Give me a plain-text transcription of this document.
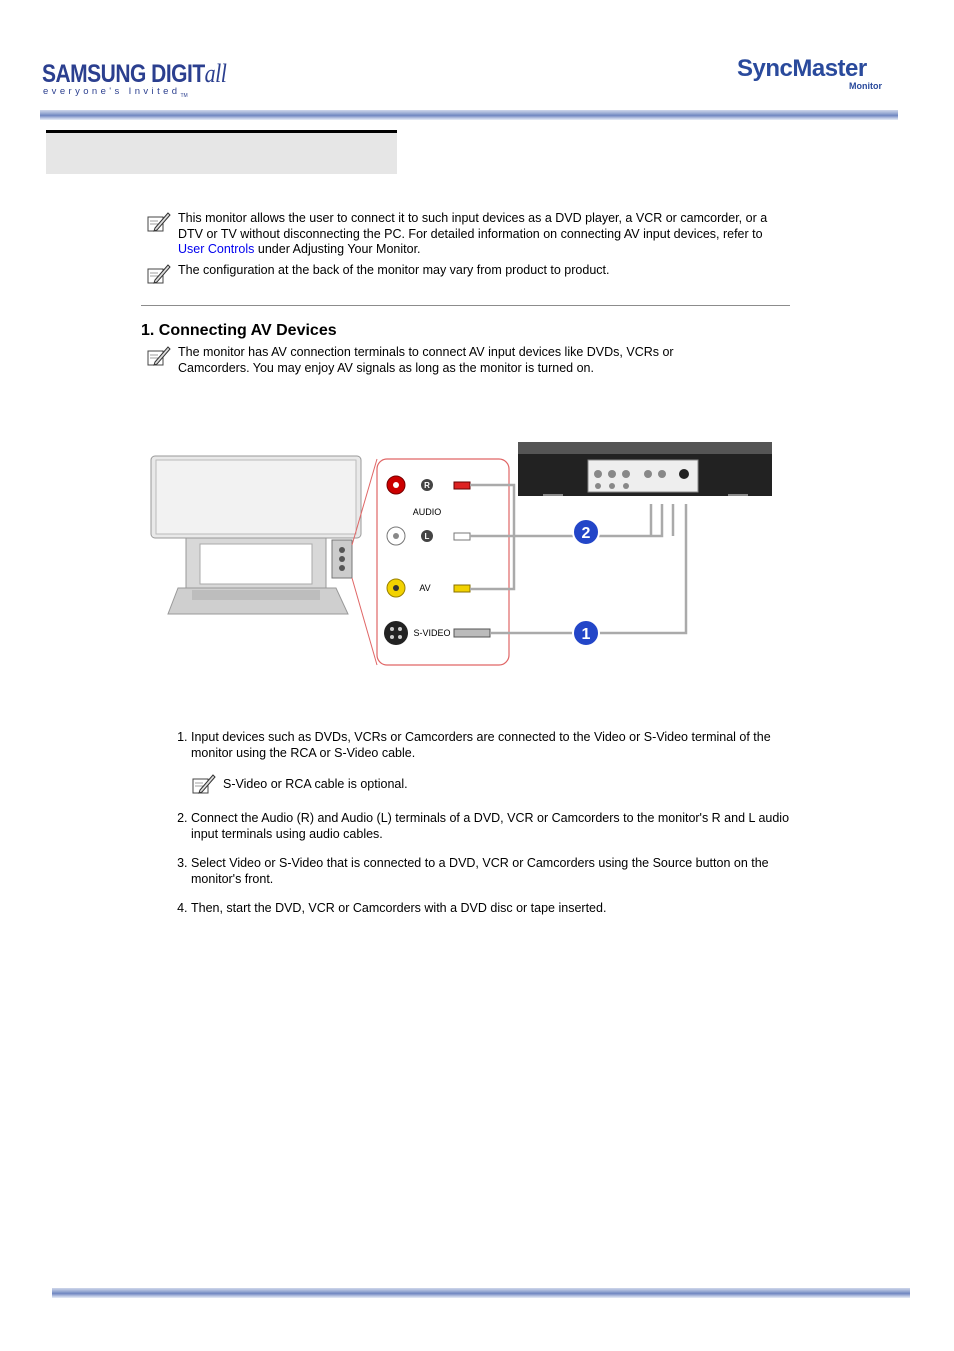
SAMSUNG DIGITall
everyone's Invited$_{TM}$
SyncMaster
Monitor
This monitor allows the user to connect it to such input devices as a DVD player, a VCR or camcorder, or a DTV or TV without disconnecting the PC. For detailed information on connecting AV input devices, refer to User Controls under Adjusting Your Monitor.
The configuration at the back of the monitor may vary from product to product.
1. Connecting AV Devices
The monitor has AV connection terminals to connect AV input devices like DVDs, VCRs or Camcorders. You may enjoy AV signals as long as the monitor is turned on.
R
AUDIO
L
AV
S-VIDEO
2
1
1. Input devices such as DVDs, VCRs or Camcorders are connected to the Video or S-Video terminal of the monitor using the RCA or S-Video cable.
S-Video or RCA cable is optional.
2. Connect the Audio (R) and Audio (L) terminals of a DVD, VCR or Camcorders to the monitor's R and L audio input terminals using audio cables.
3. Select Video or S-Video that is connected to a DVD, VCR or Camcorders using the Source button on the monitor's front.
4. Then, start the DVD, VCR or Camcorders with a DVD disc or tape inserted.
